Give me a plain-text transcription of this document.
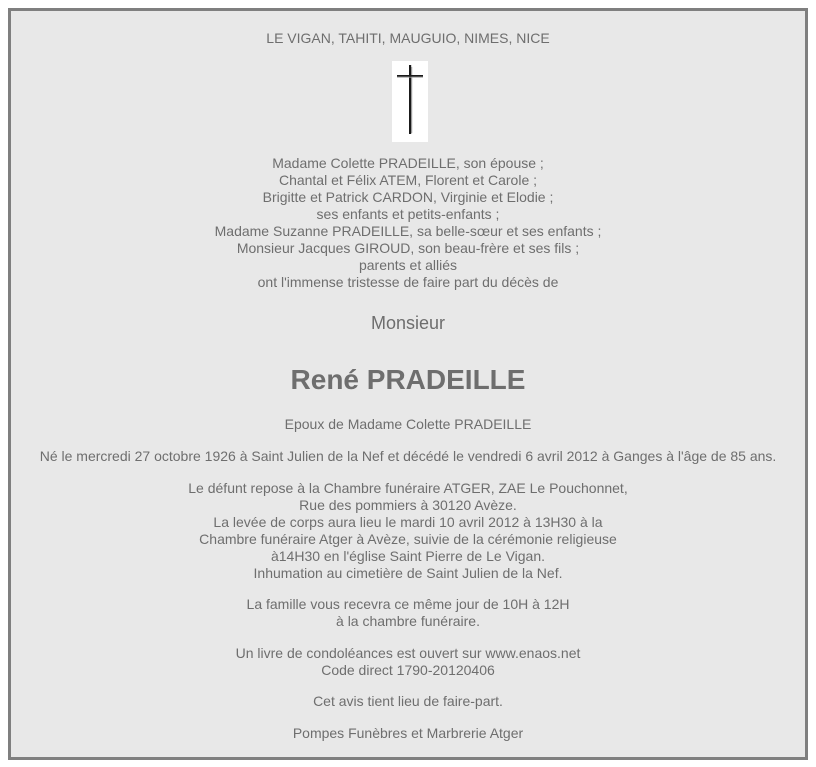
LE VIGAN, TAHITI, MAUGUIO, NIMES, NICE
Madame Colette PRADEILLE, son épouse ;
Chantal et Félix ATEM, Florent et Carole ;
Brigitte et Patrick CARDON, Virginie et Elodie ;
ses enfants et petits-enfants ;
Madame Suzanne PRADEILLE, sa belle-sœur et ses enfants ;
Monsieur Jacques GIROUD, son beau-frère et ses fils ;
parents et alliés
ont l'immense tristesse de faire part du décès de
Monsieur
René PRADEILLE
Epoux de Madame Colette PRADEILLE
Né le mercredi 27 octobre 1926 à Saint Julien de la Nef et décédé le vendredi 6 avril 2012 à Ganges à l'âge de 85 ans.
Le défunt repose à la Chambre funéraire ATGER, ZAE Le Pouchonnet,
Rue des pommiers à 30120 Avèze.
La levée de corps aura lieu le mardi 10 avril 2012 à 13H30 à la
Chambre funéraire Atger à Avèze, suivie de la cérémonie religieuse
à14H30 en l'église Saint Pierre de Le Vigan.
Inhumation au cimetière de Saint Julien de la Nef.
La famille vous recevra ce même jour de 10H à 12H
à la chambre funéraire.
Un livre de condoléances est ouvert sur www.enaos.net
Code direct 1790-20120406
Cet avis tient lieu de faire-part.
Pompes Funèbres et Marbrerie Atger
